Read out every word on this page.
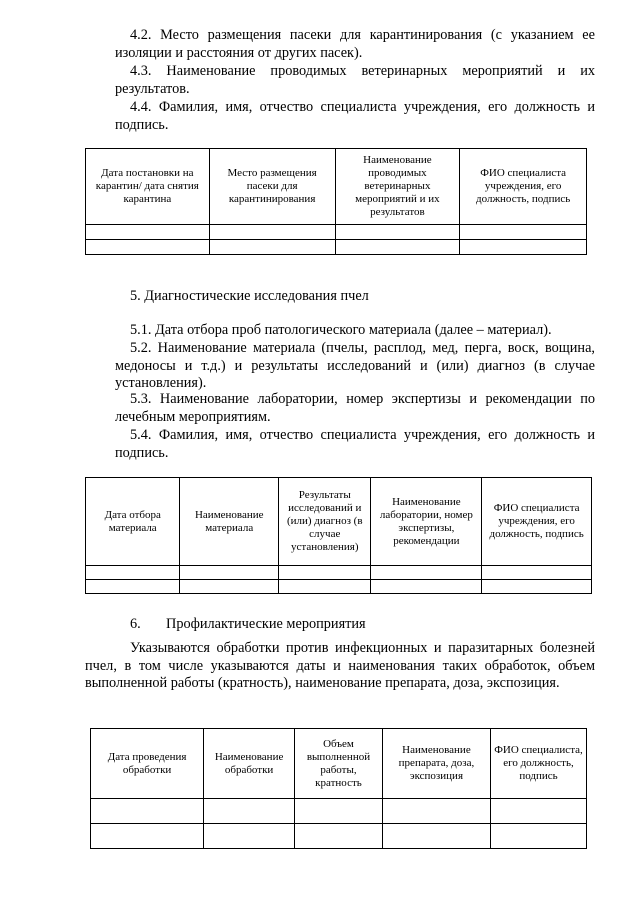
4.2. Место размещения пасеки для карантинирования (с указанием ее изоляции и расстояния от других пасек).

4.3. Наименование проводимых ветеринарных мероприятий и их результатов.

4.4. Фамилия, имя, отчество специалиста учреждения, его должность и подпись.

Дата постановки на карантин/ дата снятия карантина	Место размещения пасеки для карантинирования	Наименование проводимых ветеринарных мероприятий и их результатов	ФИО специалиста учреждения, его должность, подпись

5. Диагностические исследования пчел

5.1. Дата отбора проб патологического материала (далее – материал).

5.2. Наименование материала (пчелы, расплод, мед, перга, воск, вощина, медоносы и т.д.) и результаты исследований и (или) диагноз (в случае установления).

5.3. Наименование лаборатории, номер экспертизы и рекомендации по лечебным мероприятиям.

5.4. Фамилия, имя, отчество специалиста учреждения, его должность и подпись.

Дата отбора материала	Наименование материала	Результаты исследований и (или) диагноз (в случае установления)	Наименование лаборатории, номер экспертизы, рекомендации	ФИО специалиста учреждения, его должность, подпись

6. Профилактические мероприятия

Указываются обработки против инфекционных и паразитарных болезней пчел, в том числе указываются даты и наименования таких обработок, объем выполненной работы (кратность), наименование препарата, доза, экспозиция.

Дата проведения обработки	Наименование обработки	Объем выполненной работы, кратность	Наименование препарата, доза, экспозиция	ФИО специалиста, его должность, подпись
